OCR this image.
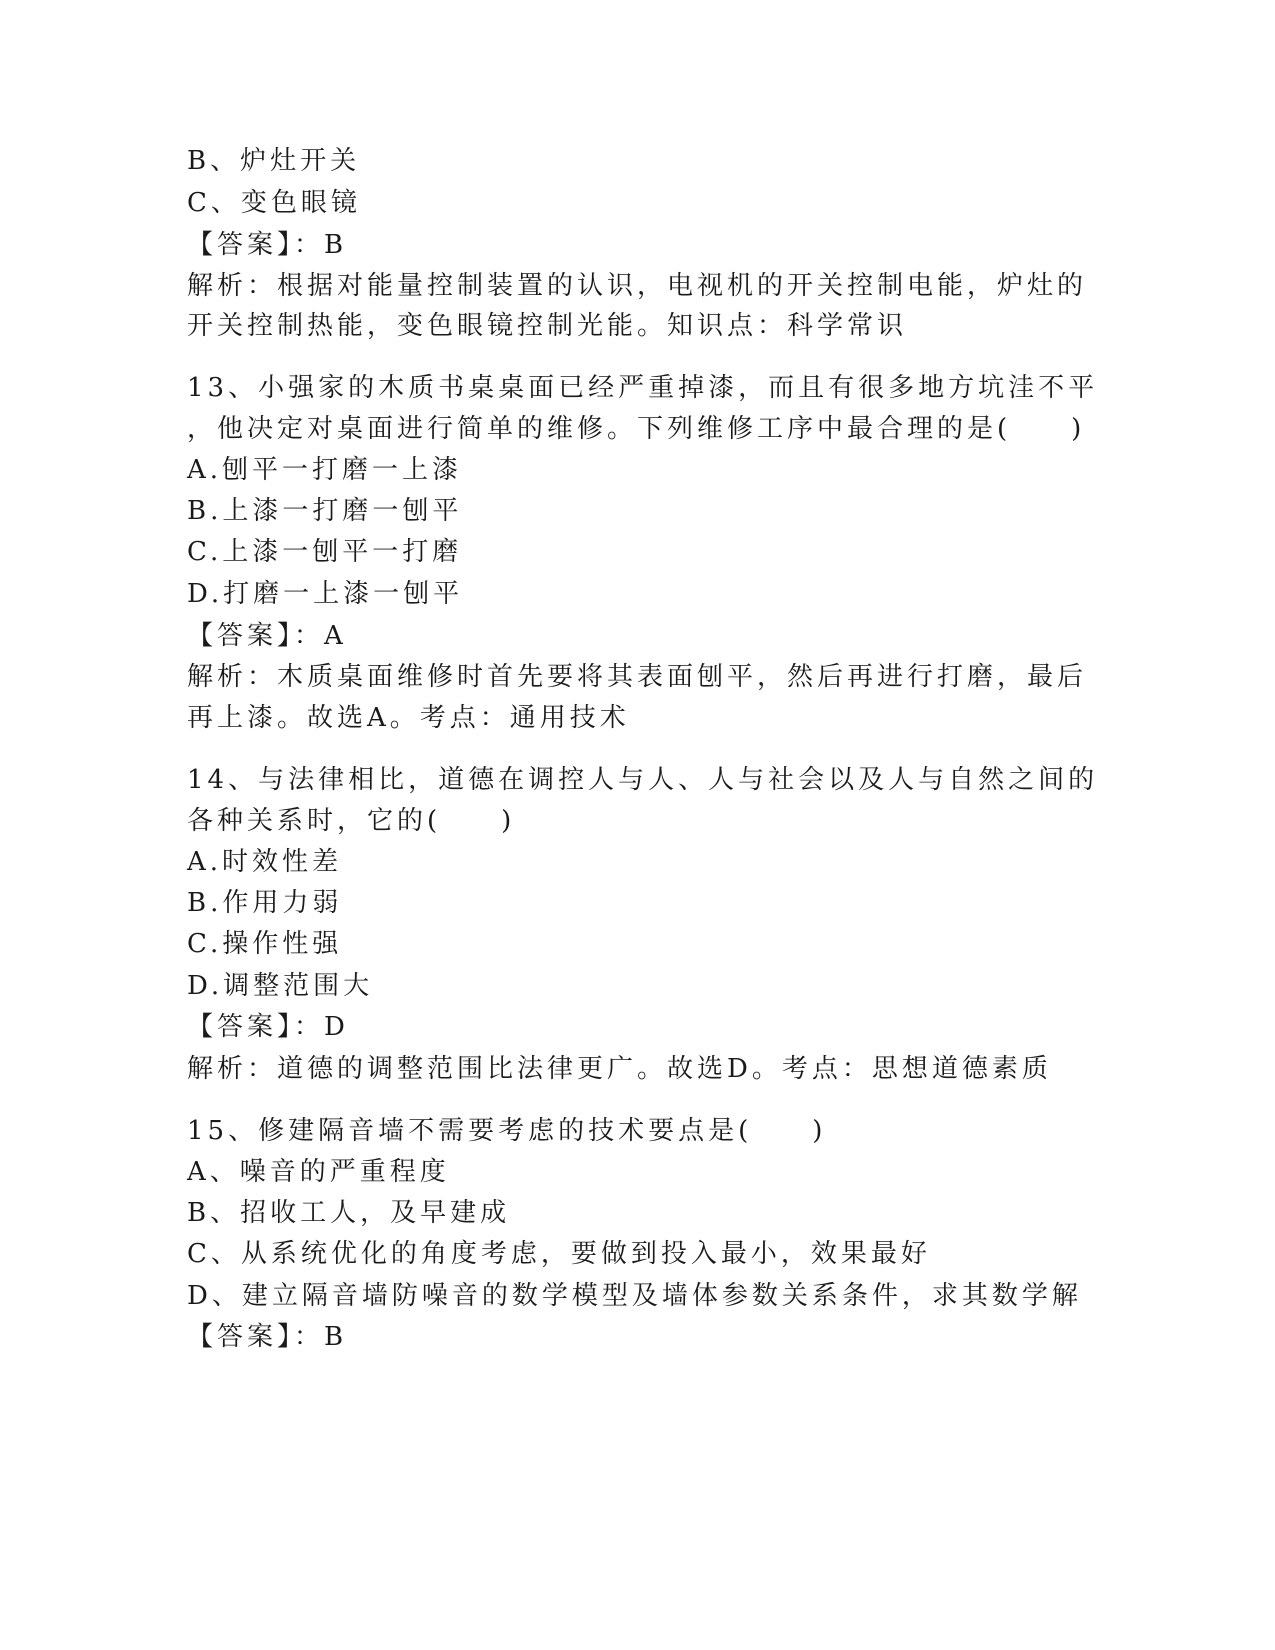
B、炉灶开关
C、变色眼镜
【答案】：B
解析：根据对能量控制装置的认识，电视机的开关控制电能，炉灶的
开关控制热能，变色眼镜控制光能。知识点：科学常识
13、小强家的木质书桌桌面已经严重掉漆，而且有很多地方坑洼不平
，他决定对桌面进行简单的维修。下列维修工序中最合理的是(　　)
A.刨平一打磨一上漆
B.上漆一打磨一刨平
C.上漆一刨平一打磨
D.打磨一上漆一刨平
【答案】：A
解析：木质桌面维修时首先要将其表面刨平，然后再进行打磨，最后
再上漆。故选A。考点：通用技术
14、与法律相比，道德在调控人与人、人与社会以及人与自然之间的
各种关系时，它的(　　)
A.时效性差
B.作用力弱
C.操作性强
D.调整范围大
【答案】：D
解析：道德的调整范围比法律更广。故选D。考点：思想道德素质
15、修建隔音墙不需要考虑的技术要点是(　　)
A、噪音的严重程度
B、招收工人，及早建成
C、从系统优化的角度考虑，要做到投入最小，效果最好
D、建立隔音墙防噪音的数学模型及墙体参数关系条件，求其数学解
【答案】：B
